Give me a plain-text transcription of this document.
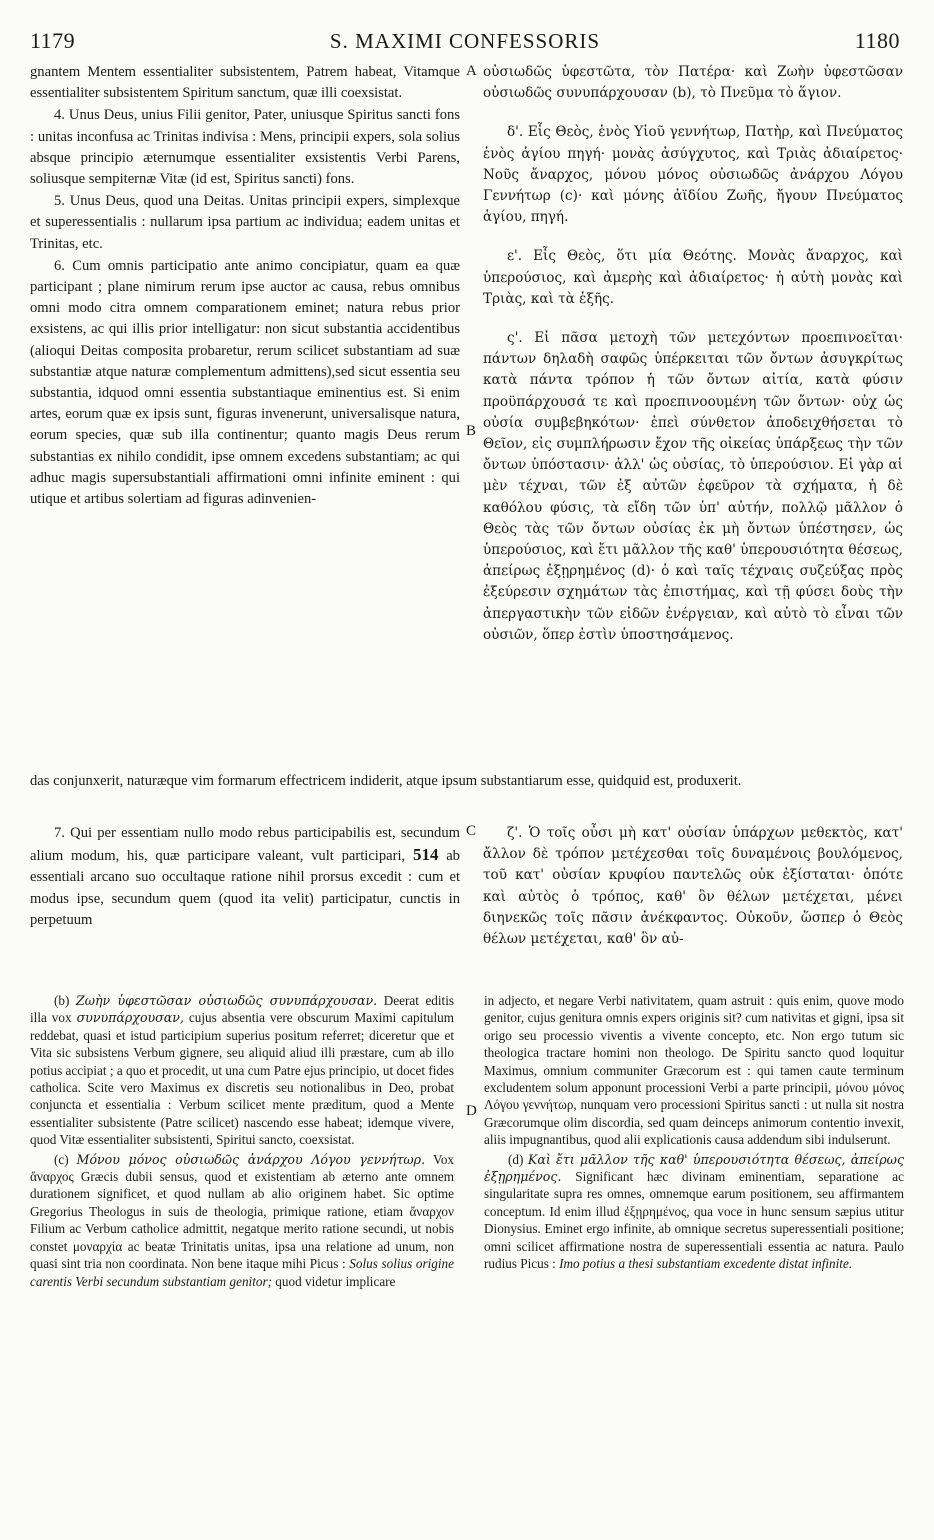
1179	S. MAXIMI CONFESSORIS	1180

gnantem Mentem essentialiter subsistentem, Patrem habeat, Vitamque essentialiter subsistentem Spiritum sanctum, quæ illi coexsistat.

4. Unus Deus, unius Filii genitor, Pater, uniusque Spiritus sancti fons : unitas inconfusa ac Trinitas indivisa : Mens, principii expers, sola solius absque principio æternumque essentialiter exsistentis Verbi Parens, soliusque sempiternæ Vitæ (id est, Spiritus sancti) fons.

5. Unus Deus, quod una Deitas. Unitas principii expers, simplexque et superessentialis : nullarum ipsa partium ac individua; eadem unitas et Trinitas, etc.

6. Cum omnis participatio ante animo concipiatur, quam ea quæ participant ; plane nimirum rerum ipse auctor ac causa, rebus omnibus omni modo citra omnem comparationem eminet; natura rebus prior exsistens, ac qui illis prior intelligatur: non sicut substantia accidentibus (alioqui Deitas composita probaretur, rerum scilicet substantiam ad suæ substantiæ atque naturæ complementum admittens),sed sicut essentia seu substantia, idquod omni essentia substantiaque eminentius est. Si enim artes, eorum quæ ex ipsis sunt, figuras invenerunt, universalisque natura, eorum species, quæ sub illa continentur; quanto magis Deus rerum substantias ex nihilo condidit, ipse omnem excedens substantiam; ac qui adhuc magis supersubstantiali affirmationi omni infinite eminent : qui utique et artibus solertiam ad figuras adinvenien-

οὐσιωδῶς ὑφεστῶτα, τὸν Πατέρα· καὶ Ζωὴν ὑφεστῶσαν οὐσιωδῶς συνυπάρχουσαν (b), τὸ Πνεῦμα τὸ ἅγιον.

δ'. Εἷς Θεὸς, ἑνὸς Υἱοῦ γεννήτωρ, Πατὴρ, καὶ Πνεύματος ἑνὸς ἁγίου πηγή· μονὰς ἀσύγχυτος, καὶ Τριὰς ἀδιαίρετος· Νοῦς ἄναρχος, μόνου μόνος οὐσιωδῶς ἀνάρχου Λόγου Γεννήτωρ (c)· καὶ μόνης ἀϊδίου Ζωῆς, ἤγουν Πνεύματος ἁγίου, πηγή.

ε'. Εἷς Θεὸς, ὅτι μία Θεότης. Μονὰς ἄναρχος, καὶ ὑπερούσιος, καὶ ἀμερὴς καὶ ἀδιαίρετος· ἡ αὐτὴ μονὰς καὶ Τριὰς, καὶ τὰ ἑξῆς.

ς'. Εἰ πᾶσα μετοχὴ τῶν μετεχόντων προεπινοεῖται· πάντων δηλαδὴ σαφῶς ὑπέρκειται τῶν ὄντων ἀσυγκρίτως κατὰ πάντα τρόπον ἡ τῶν ὄντων αἰτία, κατὰ φύσιν προϋπάρχουσά τε καὶ προεπινοουμένη τῶν ὄντων· οὐχ ὡς οὐσία συμβεβηκότων· ἐπεὶ σύνθετον ἀποδειχθήσεται τὸ Θεῖον, εἰς συμπλήρωσιν ἔχον τῆς οἰκείας ὑπάρξεως τὴν τῶν ὄντων ὑπόστασιν· ἀλλ' ὡς οὐσίας, τὸ ὑπερούσιον. Εἰ γὰρ αἱ μὲν τέχναι, τῶν ἐξ αὐτῶν ἐφεῦρον τὰ σχήματα, ἡ δὲ καθόλου φύσις, τὰ εἴδη τῶν ὑπ' αὐτήν, πολλῷ μᾶλλον ὁ Θεὸς τὰς τῶν ὄντων οὐσίας ἐκ μὴ ὄντων ὑπέστησεν, ὡς ὑπερούσιος, καὶ ἔτι μᾶλλον τῆς καθ' ὑπερουσιότητα θέσεως, ἀπείρως ἐξῃρημένος (d)· ὁ καὶ ταῖς τέχναις συζεύξας πρὸς ἐξεύρεσιν σχημάτων τὰς ἐπιστήμας, καὶ τῇ φύσει δοὺς τὴν ἀπεργαστικὴν τῶν εἰδῶν ἐνέργειαν, καὶ αὐτὸ τὸ εἶναι τῶν οὐσιῶν, ὅπερ ἐστὶν ὑποστησάμενος.

A
B
C
D
das conjunxerit, naturæque vim formarum effectricem indiderit, atque ipsum substantiarum esse, quidquid est, produxerit.

7. Qui per essentiam nullo modo rebus participabilis est, secundum alium modum, his, quæ participare valeant, vult participari, 514 ab essentiali arcano suo occultaque ratione nihil prorsus excedit : cum et modus ipse, secundum quem (quod ita velit) participatur, cunctis in perpetuum

ζ'. Ὁ τοῖς οὖσι μὴ κατ' οὐσίαν ὑπάρχων μεθεκτὸς, κατ' ἄλλον δὲ τρόπον μετέχεσθαι τοῖς δυναμένοις βουλόμενος, τοῦ κατ' οὐσίαν κρυφίου παντελῶς οὐκ ἐξίσταται· ὁπότε καὶ αὐτὸς ὁ τρόπος, καθ' ὃν θέλων μετέχεται, μένει διηνεκῶς τοῖς πᾶσιν ἀνέκφαντος. Οὐκοῦν, ὥσπερ ὁ Θεὸς θέλων μετέχεται, καθ' ὃν αὐ-

(b) Ζωὴν ὑφεστῶσαν οὐσιωδῶς συνυπάρχουσαν. Deerat editis illa vox συνυπάρχουσαν, cujus absentia vere obscurum Maximi capitulum reddebat, quasi et istud participium superius positum referret; diceretur que et Vita sic subsistens Verbum gignere, seu aliquid aliud illi præstare, cum ab illo potius accipiat ; a quo et procedit, ut una cum Patre ejus principio, ut docet fides catholica. Scite vero Maximus ex discretis seu notionalibus in Deo, probat conjuncta et essentialia : Verbum scilicet mente præditum, quod a Mente essentialiter subsistente (Patre scilicet) nascendo esse habeat; idemque vivere, quod Vitæ essentialiter subsistenti, Spiritui sancto, coexsistat.

(c) Μόνου μόνος οὐσιωδῶς ἀνάρχου Λόγου γεννήτωρ. Vox ἄναρχος Græcis dubii sensus, quod et existentiam ab æterno ante omnem durationem significet, et quod nullam ab alio originem habet. Sic optime Gregorius Theologus in suis de theologia, primique ratione, etiam ἄναρχον Filium ac Verbum catholice admittit, negatque merito ratione secundi, ut nobis constet μοναρχία ac beatæ Trinitatis unitas, ipsa una relatione ad unum, non quasi sint tria non coordinata. Non bene itaque mihi Picus : Solus solius origine carentis Verbi secundum substantiam genitor; quod videtur implicare

in adjecto, et negare Verbi nativitatem, quam astruit : quis enim, quove modo genitor, cujus genitura omnis expers originis sit? cum nativitas et gigni, ipsa sit origo seu processio viventis a vivente concepto, etc. Non ergo tutum sic theologica tractare homini non theologo. De Spiritu sancto quod loquitur Maximus, omnium communiter Græcorum est : qui tamen caute terminum excludentem solum apponunt processioni Verbi a parte principii, μόνου μόνος Λόγου γεννήτωρ, nunquam vero processioni Spiritus sancti : ut nulla sit nostra Græcorumque olim discordia, sed quam deinceps animorum contentio invexit, aliis impugnantibus, quod alii explicationis causa addendum sibi indulserunt.

(d) Καὶ ἔτι μᾶλλον τῆς καθ' ὑπερουσιότητα θέσεως, ἀπείρως ἐξῃρημένος. Significant hæc divinam eminentiam, separatione ac singularitate supra res omnes, omnemque earum positionem, seu affirmantem conceptum. Id enim illud ἐξῃρημένος, qua voce in hunc sensum sæpius utitur Dionysius. Eminet ergo infinite, ab omnique secretus superessentiali positione; omni scilicet affirmatione nostra de superessentiali essentia ac natura. Paulo rudius Picus : Imo potius a thesi substantiam excedente distat infinite.
